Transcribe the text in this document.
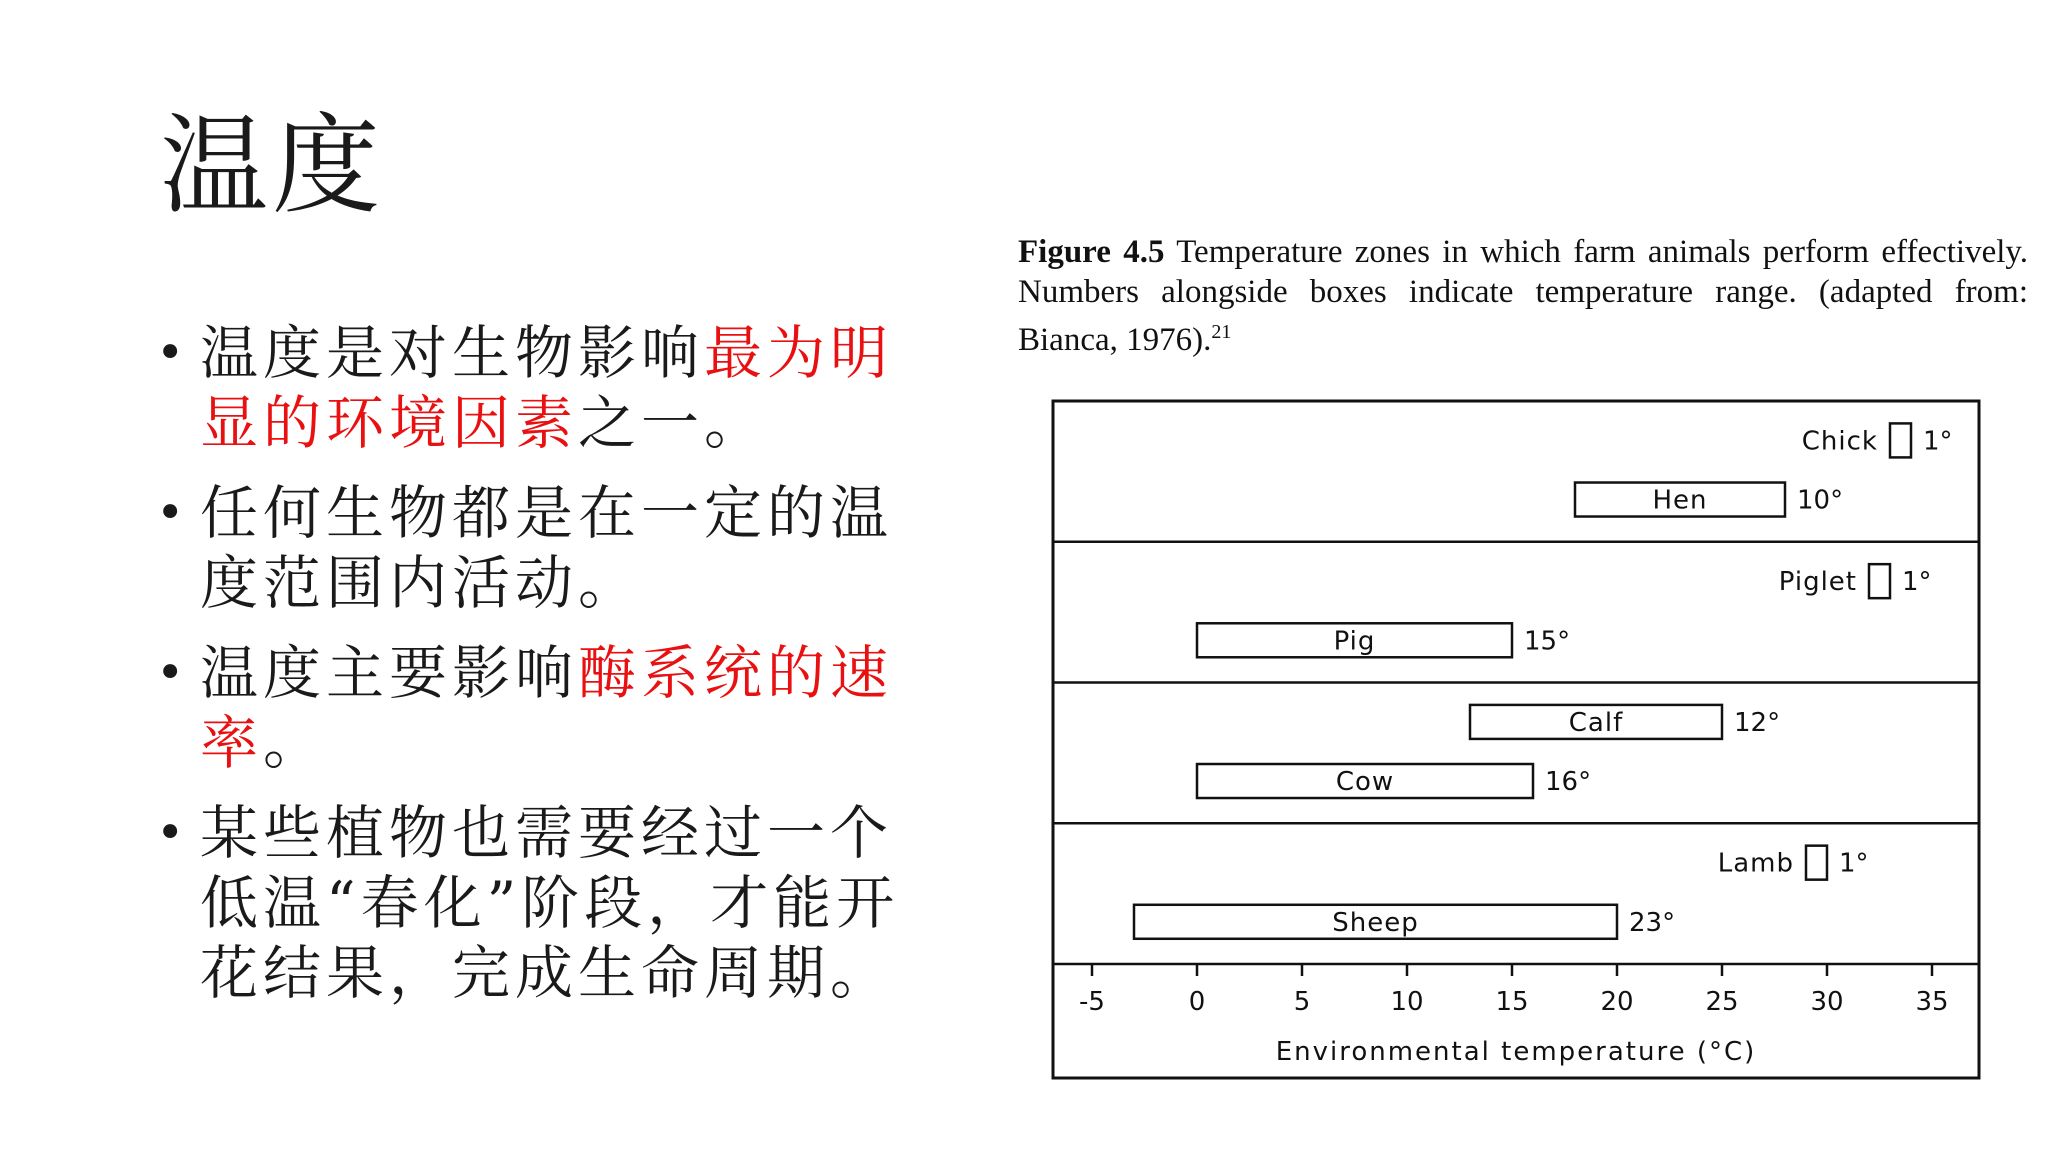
温度
• 温度是对生物影响最为明显的环境因素之一。
• 任何生物都是在一定的温度范围内活动。
• 温度主要影响酶系统的速率。
• 某些植物也需要经过一个低温“春化”阶段，才能开花结果，完成生命周期。
Figure 4.5 Temperature zones in which farm animals perform effectively. Numbers alongside boxes indicate temperature range. (adapted from: Bianca, 1976).$^{21}$
Chick 1°
Hen	10°
Piglet 1°
Pig	15°
Calf	12°
Cow	16°
Lamb 1°
Sheep	23°
-5	0	5	10	15	20	25	30	35
Environmental temperature (°C)
